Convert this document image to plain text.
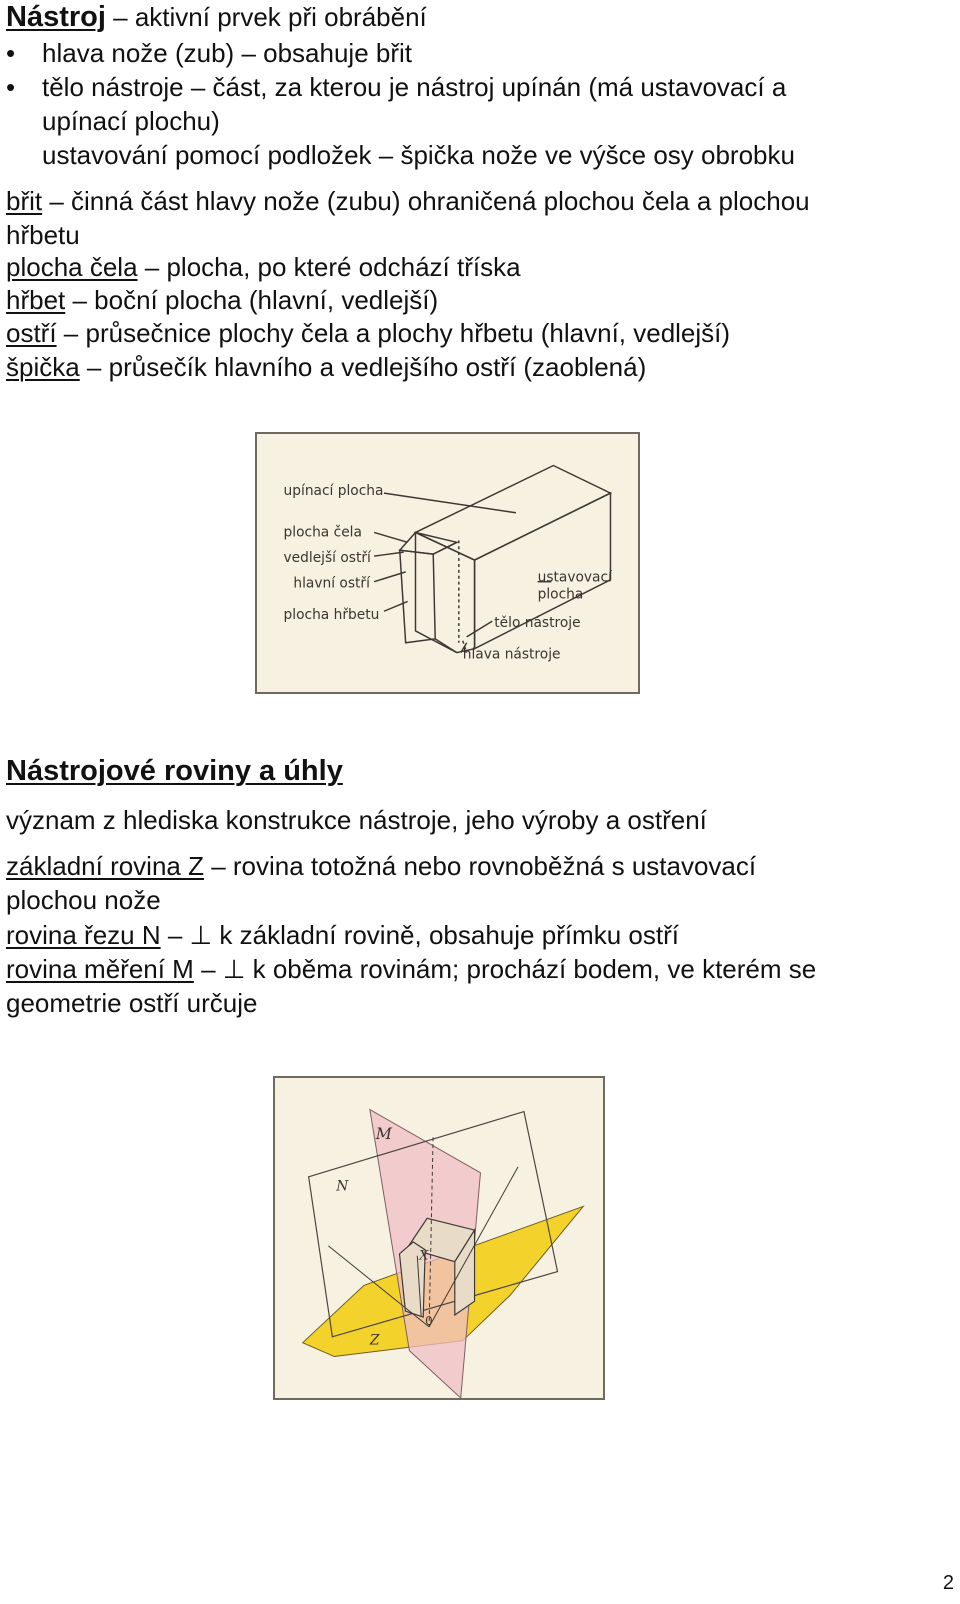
Nástroj – aktivní prvek při obrábění
• hlava nože (zub) – obsahuje břit
• tělo nástroje – část, za kterou je nástroj upínán (má ustavovací a
upínací plochu)
ustavování pomocí podložek – špička nože ve výšce osy obrobku
břit – činná část hlavy nože (zubu) ohraničená plochou čela a plochou
hřbetu
plocha čela – plocha, po které odchází tříska
hřbet – boční plocha (hlavní, vedlejší)
ostří – průsečnice plochy čela a plochy hřbetu (hlavní, vedlejší)
špička – průsečík hlavního a vedlejšího ostří (zaoblená)
upínací plocha
plocha čela
vedlejší ostří
hlavní ostří
plocha hřbetu
ustavovací
plocha
tělo nástroje
hlava nástroje
Nástrojové roviny a úhly
význam z hlediska konstrukce nástroje, jeho výroby a ostření
základní rovina Z – rovina totožná nebo rovnoběžná s ustavovací
plochou nože
rovina řezu N – ⊥ k základní rovině, obsahuje přímku ostří
rovina měření M – ⊥ k oběma rovinám; prochází bodem, ve kterém se
geometrie ostří určuje
M
N
X
0
Z
2
